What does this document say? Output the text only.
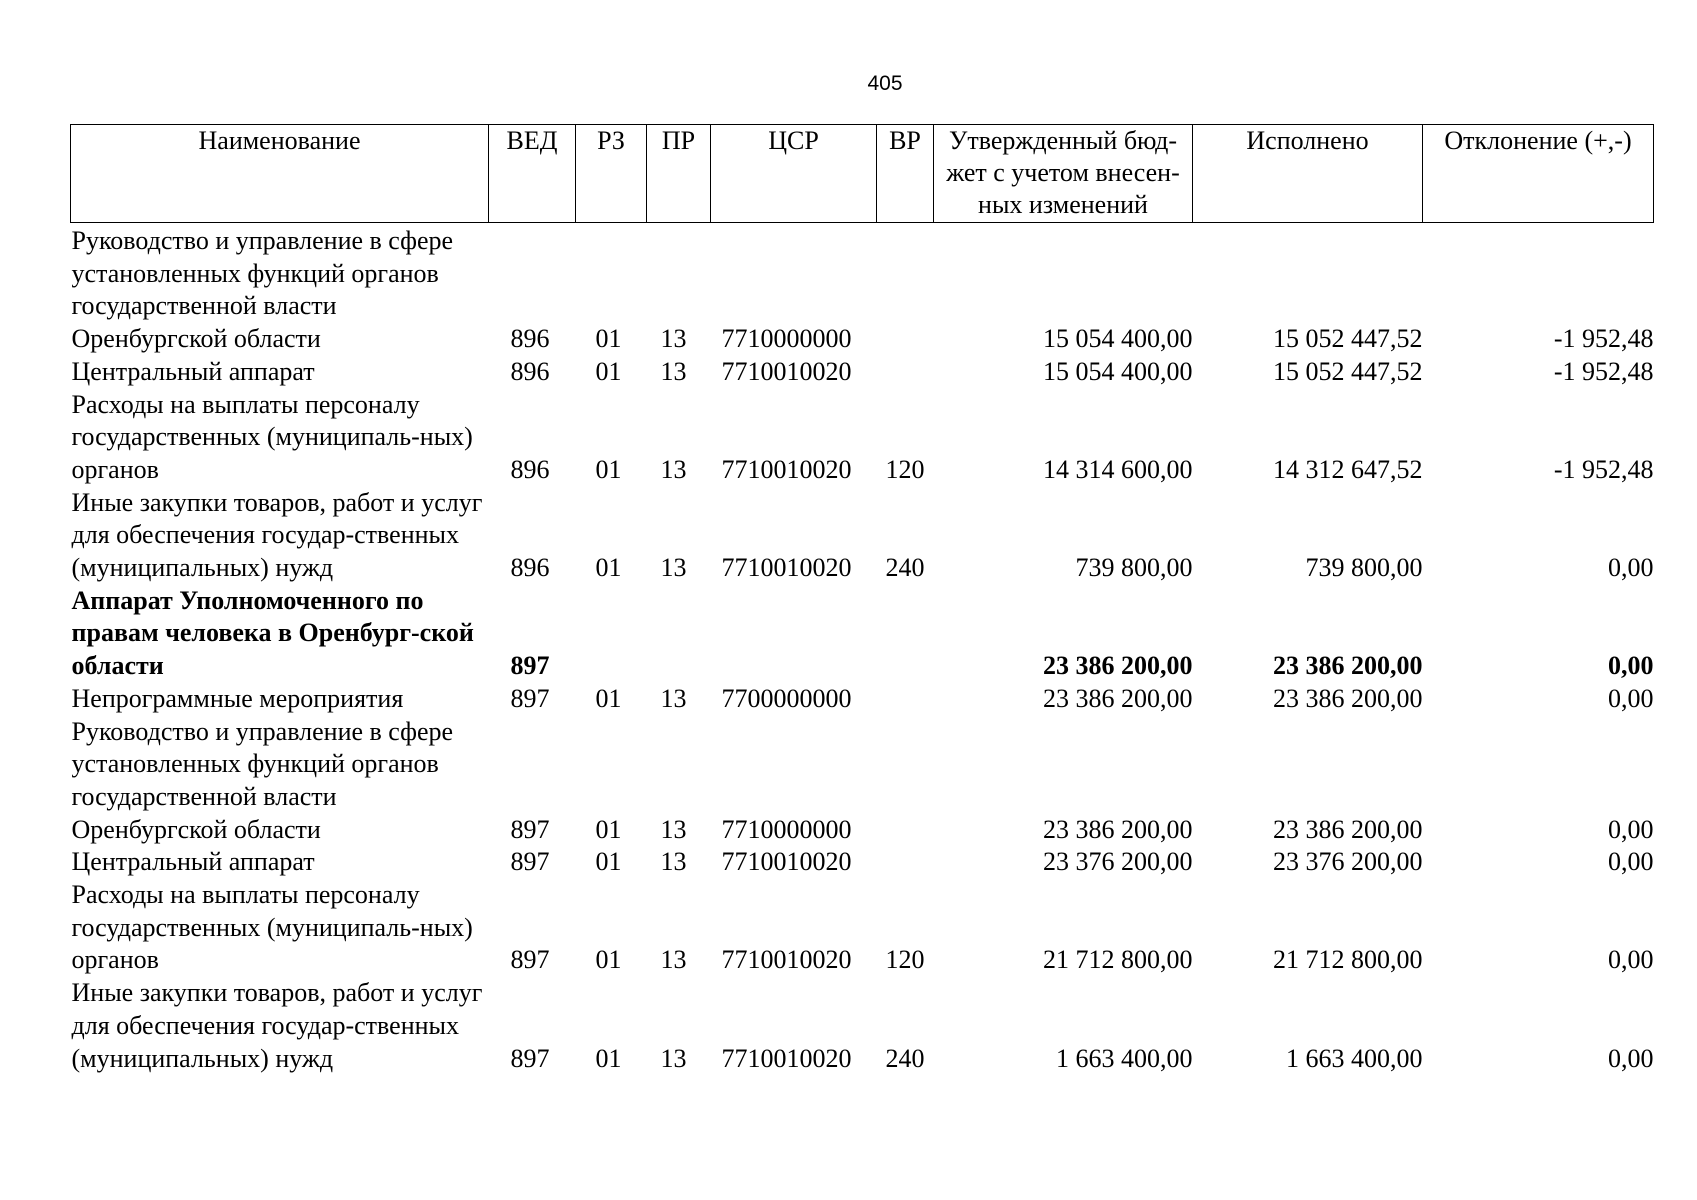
405
Наименование	ВЕД	РЗ	ПР	ЦСР	ВР	Утвержденный бюд-жет с учетом внесен-ных изменений	Исполнено	Отклонение (+,-)
Руководство и управление в сфере установленных функций органов государственной власти Оренбургской области	896	01	13	7710000000		15 054 400,00	15 052 447,52	-1 952,48
Центральный аппарат	896	01	13	7710010020		15 054 400,00	15 052 447,52	-1 952,48
Расходы на выплаты персоналу государственных (муниципаль-ных) органов	896	01	13	7710010020	120	14 314 600,00	14 312 647,52	-1 952,48
Иные закупки товаров, работ и услуг для обеспечения государ-ственных (муниципальных) нужд	896	01	13	7710010020	240	739 800,00	739 800,00	0,00
Аппарат Уполномоченного по правам человека в Оренбург-ской области	897					23 386 200,00	23 386 200,00	0,00
Непрограммные мероприятия	897	01	13	7700000000		23 386 200,00	23 386 200,00	0,00
Руководство и управление в сфере установленных функций органов государственной власти Оренбургской области	897	01	13	7710000000		23 386 200,00	23 386 200,00	0,00
Центральный аппарат	897	01	13	7710010020		23 376 200,00	23 376 200,00	0,00
Расходы на выплаты персоналу государственных (муниципаль-ных) органов	897	01	13	7710010020	120	21 712 800,00	21 712 800,00	0,00
Иные закупки товаров, работ и услуг для обеспечения государ-ственных (муниципальных) нужд	897	01	13	7710010020	240	1 663 400,00	1 663 400,00	0,00
